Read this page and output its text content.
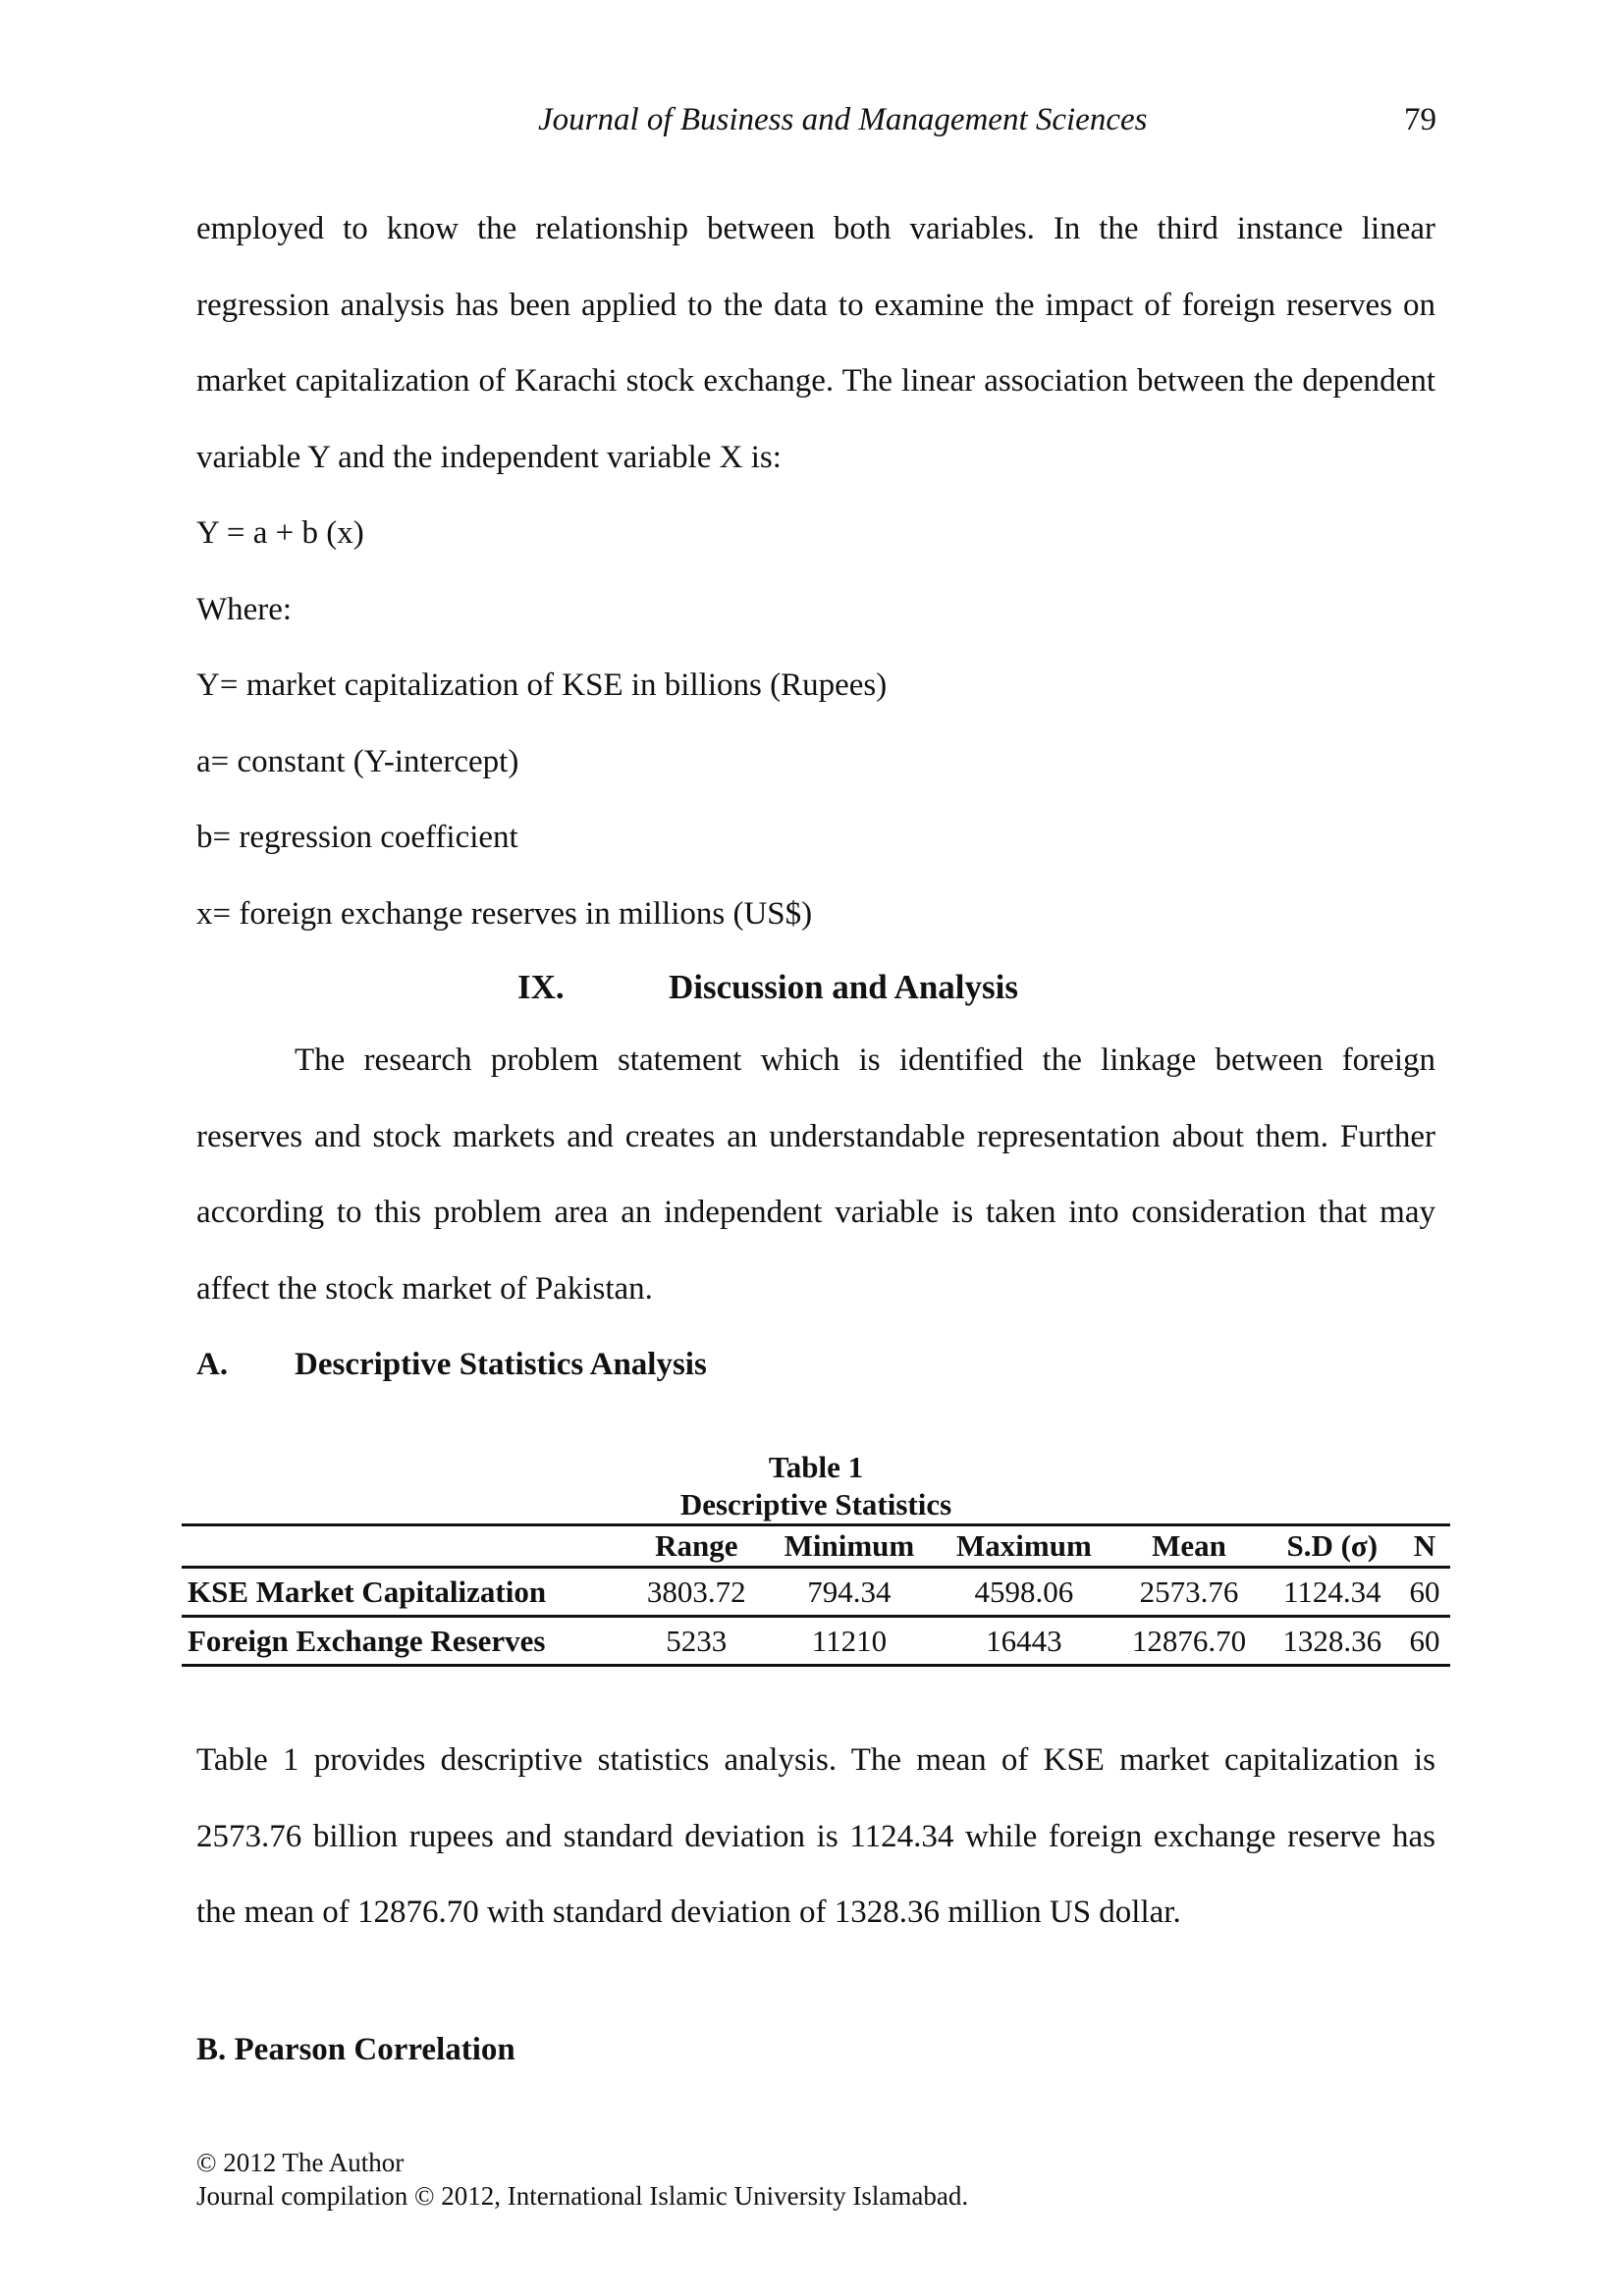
Journal of Business and Management Sciences	79

employed to know the relationship between both variables. In the third instance linear regression analysis has been applied to the data to examine the impact of foreign reserves on market capitalization of Karachi stock exchange. The linear association between the dependent variable Y and the independent variable X is:

Y = a + b (x)

Where:

Y= market capitalization of KSE in billions (Rupees)

a= constant (Y-intercept)

b= regression coefficient

x= foreign exchange reserves in millions (US$)

IX.	Discussion and Analysis

The research problem statement which is identified the linkage between foreign reserves and stock markets and creates an understandable representation about them. Further according to this problem area an independent variable is taken into consideration that may affect the stock market of Pakistan.

A. Descriptive Statistics Analysis

Table 1

Descriptive Statistics

	Range	Minimum	Maximum	Mean	S.D (σ)	N
KSE Market Capitalization	3803.72	794.34	4598.06	2573.76	1124.34	60
Foreign Exchange Reserves	5233	11210	16443	12876.70	1328.36	60

Table 1 provides descriptive statistics analysis. The mean of KSE market capitalization is 2573.76 billion rupees and standard deviation is 1124.34 while foreign exchange reserve has the mean of 12876.70 with standard deviation of 1328.36 million US dollar.

B. Pearson Correlation

© 2012 The Author

Journal compilation © 2012, International Islamic University Islamabad.
